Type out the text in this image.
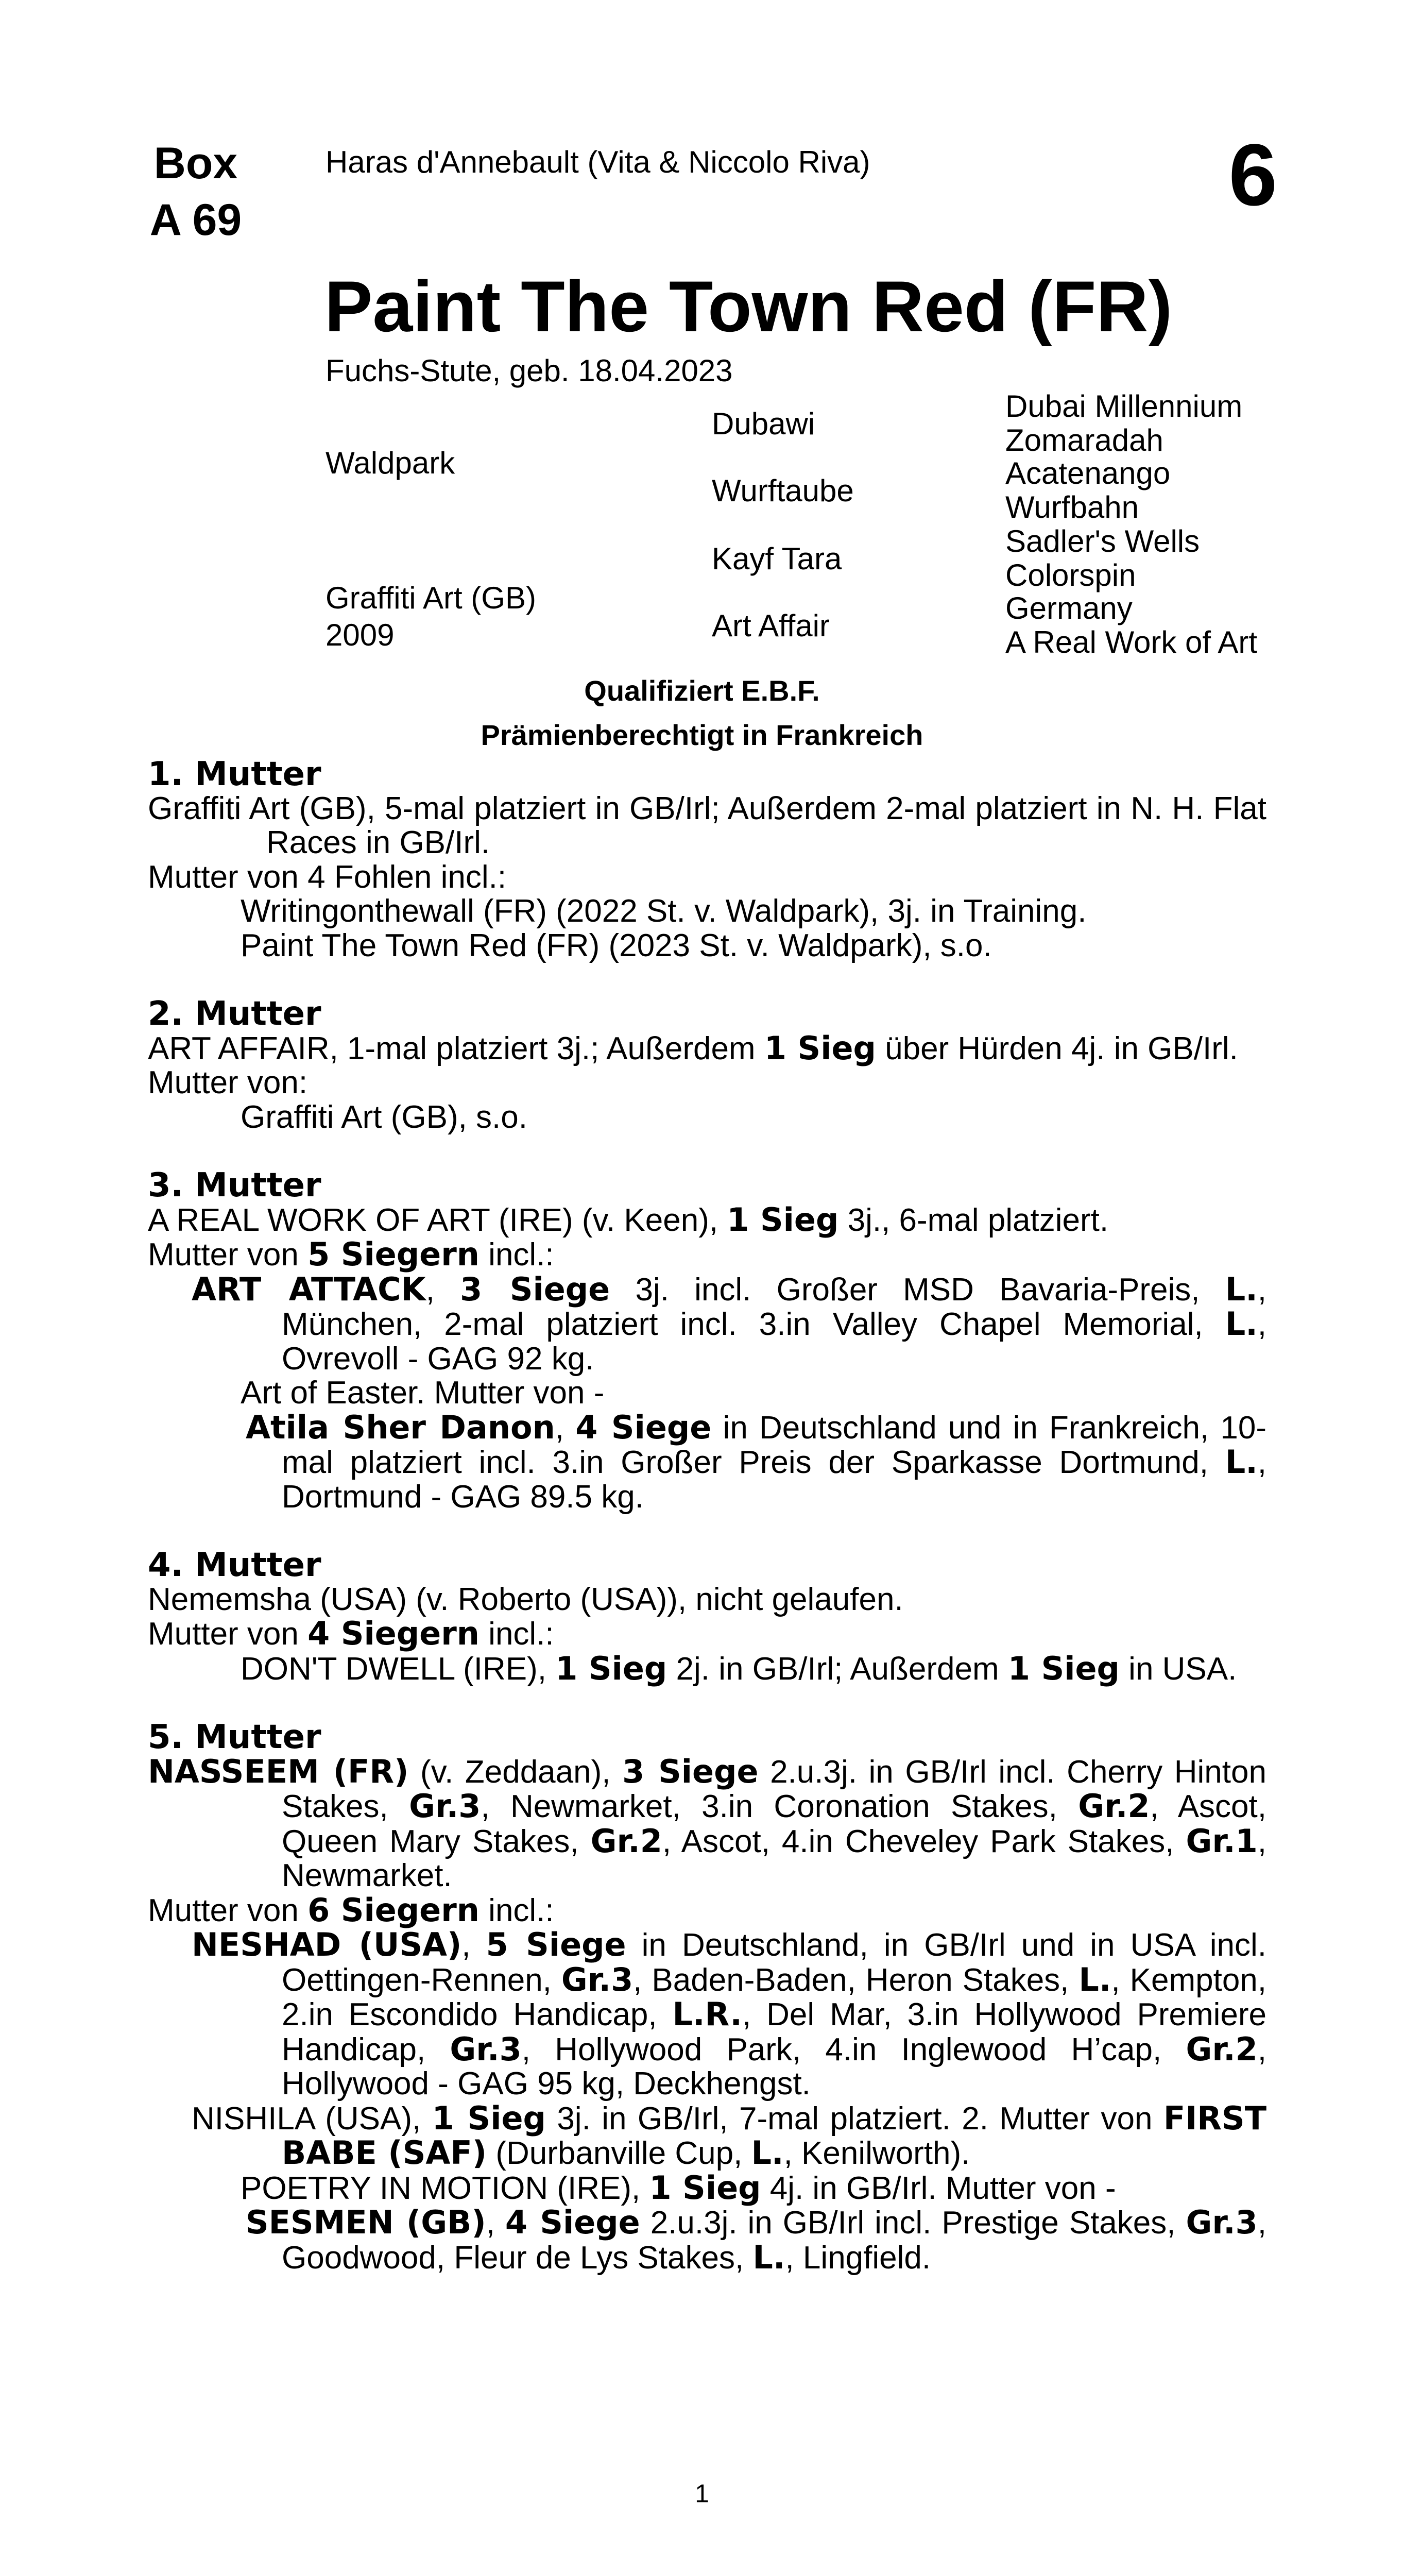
Box
A 69
Haras d'Annebault (Vita & Niccolo Riva)	6
Paint The Town Red (FR)
Fuchs-Stute, geb. 18.04.2023
Waldpark
Graffiti Art (GB)
2009
Dubawi
Wurftaube
Kayf Tara
Art Affair
Dubai Millennium
Zomaradah
Acatenango
Wurfbahn
Sadler's Wells
Colorspin
Germany
A Real Work of Art
Qualifiziert E.B.F.
Prämienberechtigt in Frankreich
1. Mutter
Graffiti Art (GB), 5-mal platziert in GB/Irl; Außerdem 2-mal platziert in N. H. Flat Races in GB/Irl.
Mutter von 4 Fohlen incl.:
Writingonthewall (FR) (2022 St. v. Waldpark), 3j. in Training.
Paint The Town Red (FR) (2023 St. v. Waldpark), s.o.
2. Mutter
ART AFFAIR, 1-mal platziert 3j.; Außerdem 1 Sieg über Hürden 4j. in GB/Irl.
Mutter von:
Graffiti Art (GB), s.o.
3. Mutter
A REAL WORK OF ART (IRE) (v. Keen), 1 Sieg 3j., 6-mal platziert.
Mutter von 5 Siegern incl.:
ART ATTACK, 3 Siege 3j. incl. Großer MSD Bavaria-Preis, L., München, 2-mal platziert incl. 3.in Valley Chapel Memorial, L., Ovrevoll - GAG 92 kg.
Art of Easter. Mutter von -
Atila Sher Danon, 4 Siege in Deutschland und in Frankreich, 10-mal platziert incl. 3.in Großer Preis der Sparkasse Dortmund, L., Dortmund - GAG 89.5 kg.
4. Mutter
Nememsha (USA) (v. Roberto (USA)), nicht gelaufen.
Mutter von 4 Siegern incl.:
DON'T DWELL (IRE), 1 Sieg 2j. in GB/Irl; Außerdem 1 Sieg in USA.
5. Mutter
NASSEEM (FR) (v. Zeddaan), 3 Siege 2.u.3j. in GB/Irl incl. Cherry Hinton Stakes, Gr.3, Newmarket, 3.in Coronation Stakes, Gr.2, Ascot, Queen Mary Stakes, Gr.2, Ascot, 4.in Cheveley Park Stakes, Gr.1, Newmarket.
Mutter von 6 Siegern incl.:
NESHAD (USA), 5 Siege in Deutschland, in GB/Irl und in USA incl. Oettingen-Rennen, Gr.3, Baden-Baden, Heron Stakes, L., Kempton, 2.in Escondido Handicap, L.R., Del Mar, 3.in Hollywood Premiere Handicap, Gr.3, Hollywood Park, 4.in Inglewood H’cap, Gr.2, Hollywood - GAG 95 kg, Deckhengst.
NISHILA (USA), 1 Sieg 3j. in GB/Irl, 7-mal platziert. 2. Mutter von FIRST BABE (SAF) (Durbanville Cup, L., Kenilworth).
POETRY IN MOTION (IRE), 1 Sieg 4j. in GB/Irl. Mutter von -
SESMEN (GB), 4 Siege 2.u.3j. in GB/Irl incl. Prestige Stakes, Gr.3, Goodwood, Fleur de Lys Stakes, L., Lingfield.
1
